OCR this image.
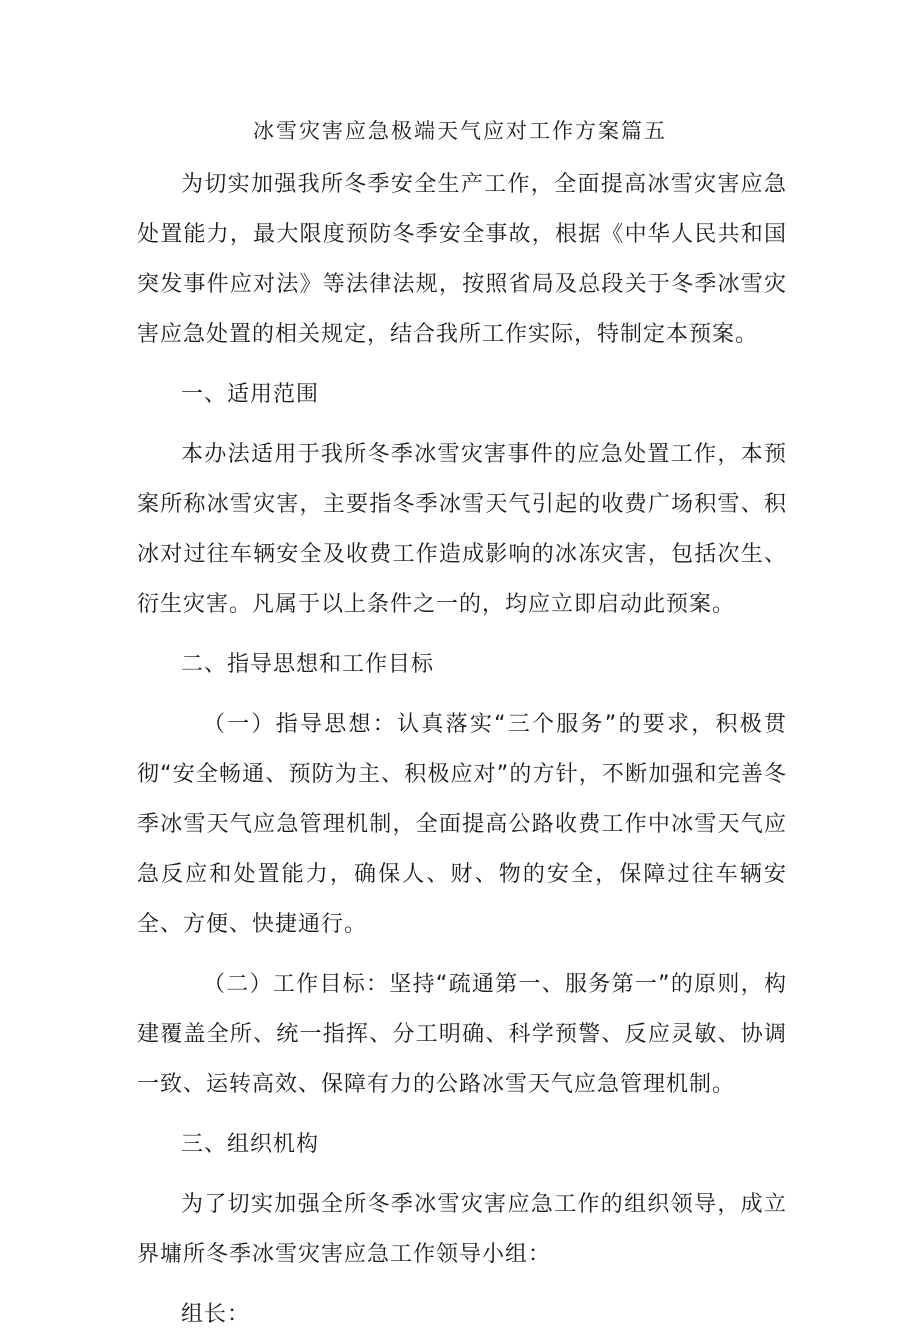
冰雪灾害应急极端天气应对工作方案篇五

为切实加强我所冬季安全生产工作，全面提高冰雪灾害应急处置能力，最大限度预防冬季安全事故，根据《中华人民共和国突发事件应对法》等法律法规，按照省局及总段关于冬季冰雪灾害应急处置的相关规定，结合我所工作实际，特制定本预案。

一、适用范围

本办法适用于我所冬季冰雪灾害事件的应急处置工作，本预案所称冰雪灾害，主要指冬季冰雪天气引起的收费广场积雪、积冰对过往车辆安全及收费工作造成影响的冰冻灾害，包括次生、衍生灾害。凡属于以上条件之一的，均应立即启动此预案。

二、指导思想和工作目标

（一）指导思想：认真落实“三个服务”的要求，积极贯彻“安全畅通、预防为主、积极应对”的方针，不断加强和完善冬季冰雪天气应急管理机制，全面提高公路收费工作中冰雪天气应急反应和处置能力，确保人、财、物的安全，保障过往车辆安全、方便、快捷通行。

（二）工作目标：坚持“疏通第一、服务第一”的原则，构建覆盖全所、统一指挥、分工明确、科学预警、反应灵敏、协调一致、运转高效、保障有力的公路冰雪天气应急管理机制。

三、组织机构

为了切实加强全所冬季冰雪灾害应急工作的组织领导，成立界墉所冬季冰雪灾害应急工作领导小组：

组长：
